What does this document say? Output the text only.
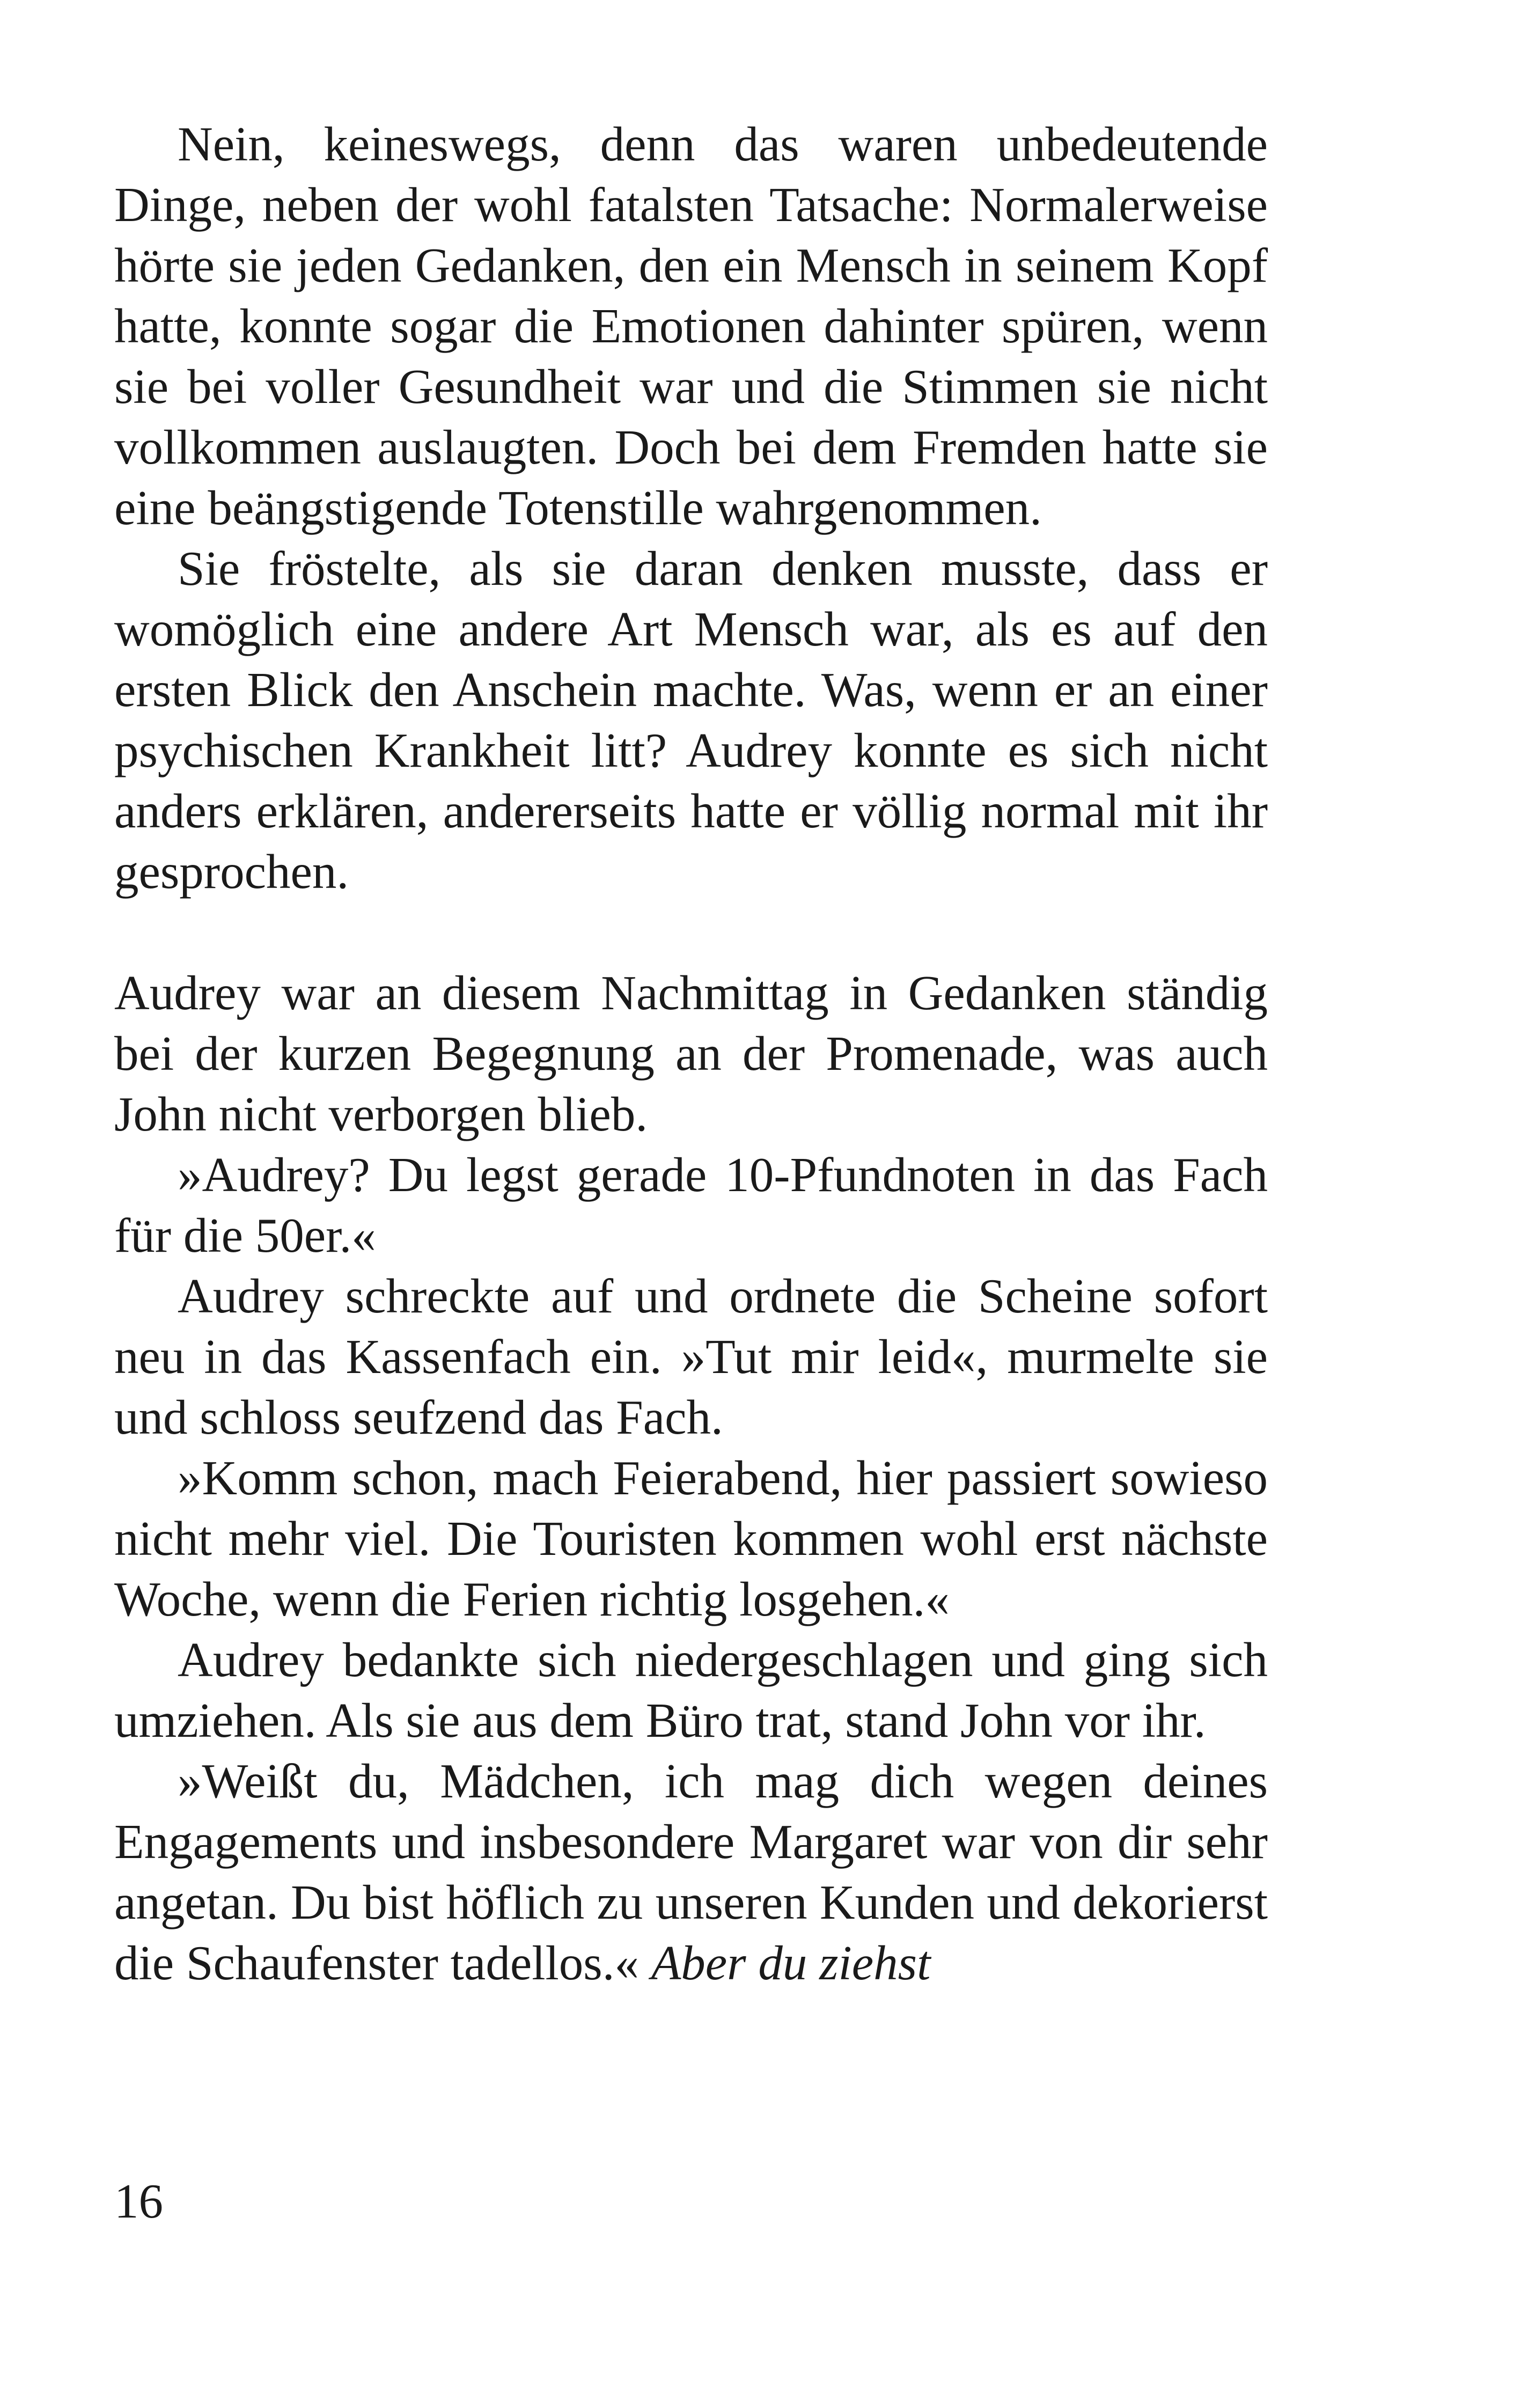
Nein, keineswegs, denn das waren unbedeutende Dinge, neben der wohl fatalsten Tatsache: Normalerweise hörte sie jeden Gedanken, den ein Mensch in seinem Kopf hatte, konnte sogar die Emotionen dahinter spüren, wenn sie bei voller Gesundheit war und die Stimmen sie nicht vollkommen auslaugten. Doch bei dem Fremden hatte sie eine beängstigende Totenstille wahrgenommen.

Sie fröstelte, als sie daran denken musste, dass er womöglich eine andere Art Mensch war, als es auf den ersten Blick den Anschein machte. Was, wenn er an einer psychischen Krankheit litt? Audrey konnte es sich nicht anders erklären, andererseits hatte er völlig normal mit ihr gesprochen.

Audrey war an diesem Nachmittag in Gedanken ständig bei der kurzen Begegnung an der Promenade, was auch John nicht verborgen blieb.

»Audrey? Du legst gerade 10-Pfundnoten in das Fach für die 50er.«

Audrey schreckte auf und ordnete die Scheine sofort neu in das Kassenfach ein. »Tut mir leid«, murmelte sie und schloss seufzend das Fach.

»Komm schon, mach Feierabend, hier passiert sowieso nicht mehr viel. Die Touristen kommen wohl erst nächste Woche, wenn die Ferien richtig losgehen.«

Audrey bedankte sich niedergeschlagen und ging sich umziehen. Als sie aus dem Büro trat, stand John vor ihr.

»Weißt du, Mädchen, ich mag dich wegen deines Engagements und insbesondere Margaret war von dir sehr angetan. Du bist höflich zu unseren Kunden und dekorierst die Schaufenster tadellos.« Aber du ziehst

16
